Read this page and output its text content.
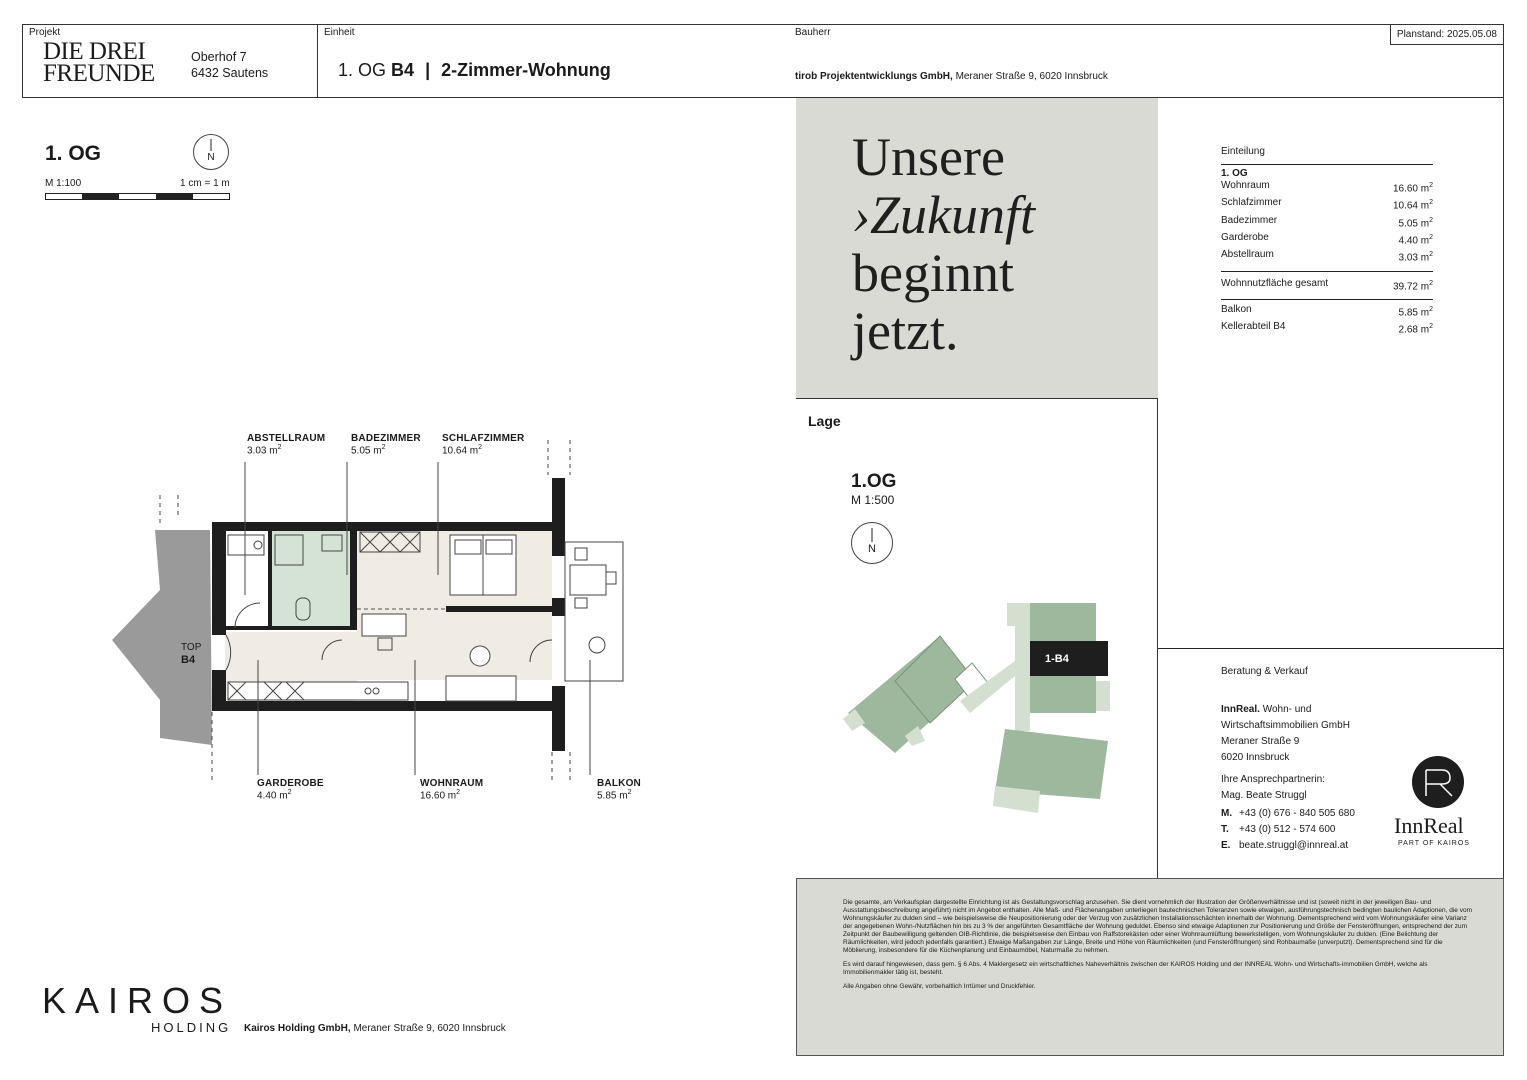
Projekt
DIE DREI
FREUNDE
Oberhof 7
6432 Sautens
Einheit
1. OG B4 | 2-Zimmer-Wohnung
Bauherr
tirob Projektentwicklungs GmbH, Meraner Straße 9, 6020 Innsbruck
Planstand: 2025.05.08
1. OG
M 1:100	1 cm = 1 m
N
TOP
B4
ABSTELLRAUM
3.03 $m^2$
BADEZIMMER
5.05 $m^2$
SCHLAFZIMMER
10.64 $m^2$
GARDEROBE
4.40 $m^2$
WOHNRAUM
16.60 $m^2$
BALKON
5.85 $m^2$
Unsere
›Zukunft
beginnt
jetzt.
Lage
1.OG
M 1:500
N
1-B4
Einteilung
1. OG
Wohnraum	16.60 $m^2$
Schlafzimmer	10.64 $m^2$
Badezimmer	5.05 $m^2$
Garderobe	4.40 $m^2$
Abstellraum	3.03 $m^2$
Wohnnutzfläche gesamt	39.72 $m^2$
Balkon	5.85 $m^2$
Kellerabteil B4	2.68 $m^2$
Beratung & Verkauf
InnReal. Wohn- und
Wirtschaftsimmobilien GmbH
Meraner Straße 9
6020 Innsbruck
Ihre Ansprechpartnerin:
Mag. Beate Struggl
M. +43 (0) 676 - 840 505 680
T. +43 (0) 512 - 574 600
E. beate.struggl@innreal.at
InnReal
PART OF KAIROS
Die gesamte, am Verkaufsplan dargestellte Einrichtung ist als Gestaltungsvorschlag anzusehen. Sie dient vornehmlich der Illustration der Größenverhältnisse und ist (soweit nicht in der jeweiligen Bau- und Ausstattungsbeschreibung angeführt) nicht im Angebot enthalten. Alle Maß- und Flächenangaben unterliegen bautechnischen Toleranzen sowie etwaigen, ausführungstechnisch bedingten baulichen Adaptionen, die vom Wohnungskäufer zu dulden sind – wie beispielsweise die Neupositionierung oder der Verzug von zusätzlichen Installationsschächten innerhalb der Wohnung. Dementsprechend wird vom Wohnungskäufer eine Varianz der angegebenen Wohn-/Nutzflächen hin bis zu 3 % der angeführten Gesamtfläche der Wohnung geduldet. Ebenso sind etwaige Adaptionen zur Positionierung und Größe der Fensteröffnungen, entsprechend der zum Zeitpunkt der Baubewilligung geltenden OIB-Richtlinie, die beispielsweise den Einbau von Raffstorekästen oder einer Wohnraumlüftung bewerkstelligen, vom Wohnungskäufer zu dulden. (Eine Belichtung der Räumlichkeiten, wird jedoch jedenfalls garantiert.) Etwaige Maßangaben zur Länge, Breite und Höhe von Räumlichkeiten (und Fensteröffnungen) sind Rohbaumaße (unverputzt). Dementsprechend sind für die Möblierung, insbesondere für die Küchenplanung und Einbaumöbel, Naturmaße zu nehmen.
Es wird darauf hingewiesen, dass gem. § 6 Abs. 4 Maklergesetz ein wirtschaftliches Naheverhältnis zwischen der KAIROS Holding und der INNREAL Wohn- und Wirtschafts-immobilien GmbH, welche als Immobilienmakler tätig ist, besteht.
Alle Angaben ohne Gewähr, vorbehaltlich Irrtümer und Druckfehler.
KAIROS
HOLDING Kairos Holding GmbH, Meraner Straße 9, 6020 Innsbruck
